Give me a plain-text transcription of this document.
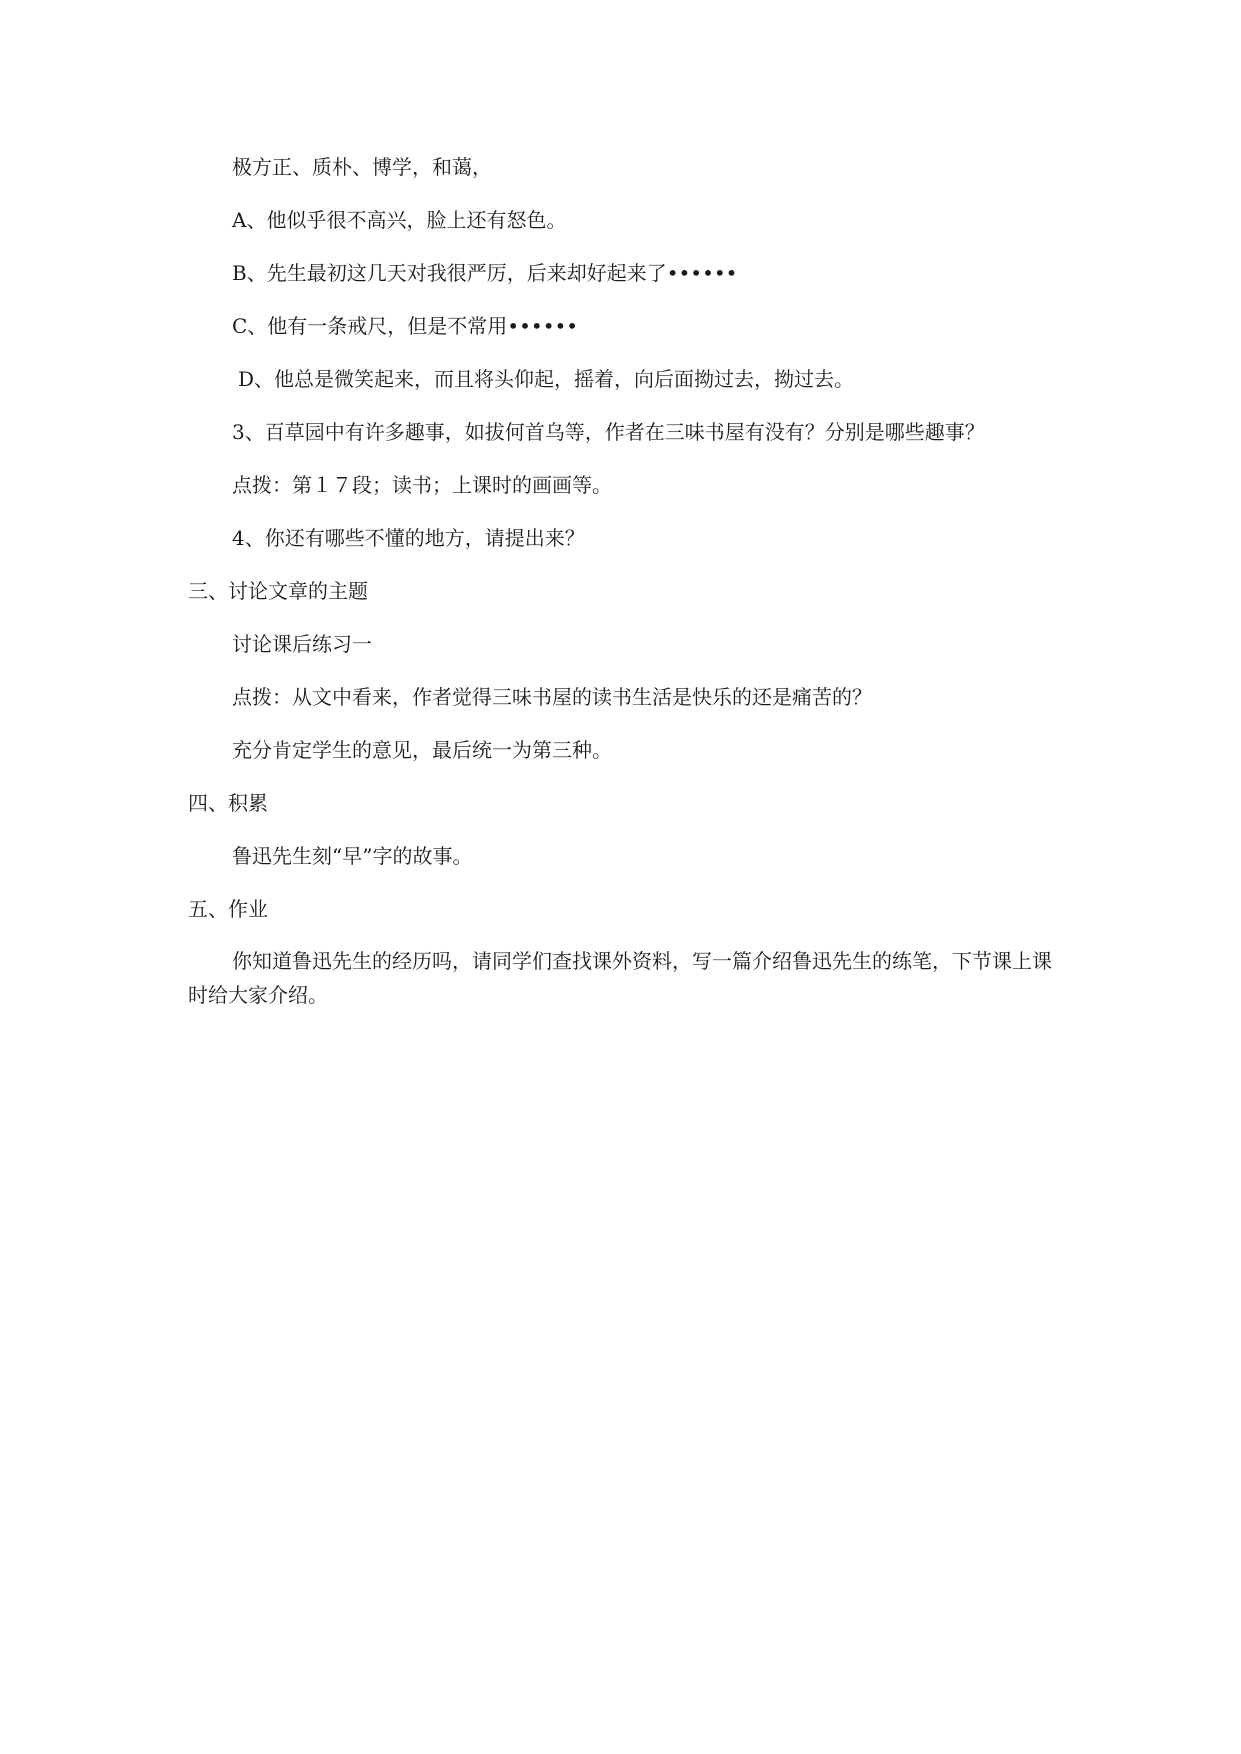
极方正、质朴、博学，和蔼，
A、他似乎很不高兴，脸上还有怒色。
B、先生最初这几天对我很严厉，后来却好起来了••••••
C、他有一条戒尺，但是不常用••••••
D、他总是微笑起来，而且将头仰起，摇着，向后面拗过去，拗过去。
3、百草园中有许多趣事，如拔何首乌等，作者在三味书屋有没有？分别是哪些趣事？
点拨：第１７段；读书；上课时的画画等。
4、你还有哪些不懂的地方，请提出来？
三、讨论文章的主题
讨论课后练习一
点拨：从文中看来，作者觉得三味书屋的读书生活是快乐的还是痛苦的？
充分肯定学生的意见，最后统一为第三种。
四、积累
鲁迅先生刻“早”字的故事。
五、作业
你知道鲁迅先生的经历吗，请同学们查找课外资料，写一篇介绍鲁迅先生的练笔，下节课上课时给大家介绍。
